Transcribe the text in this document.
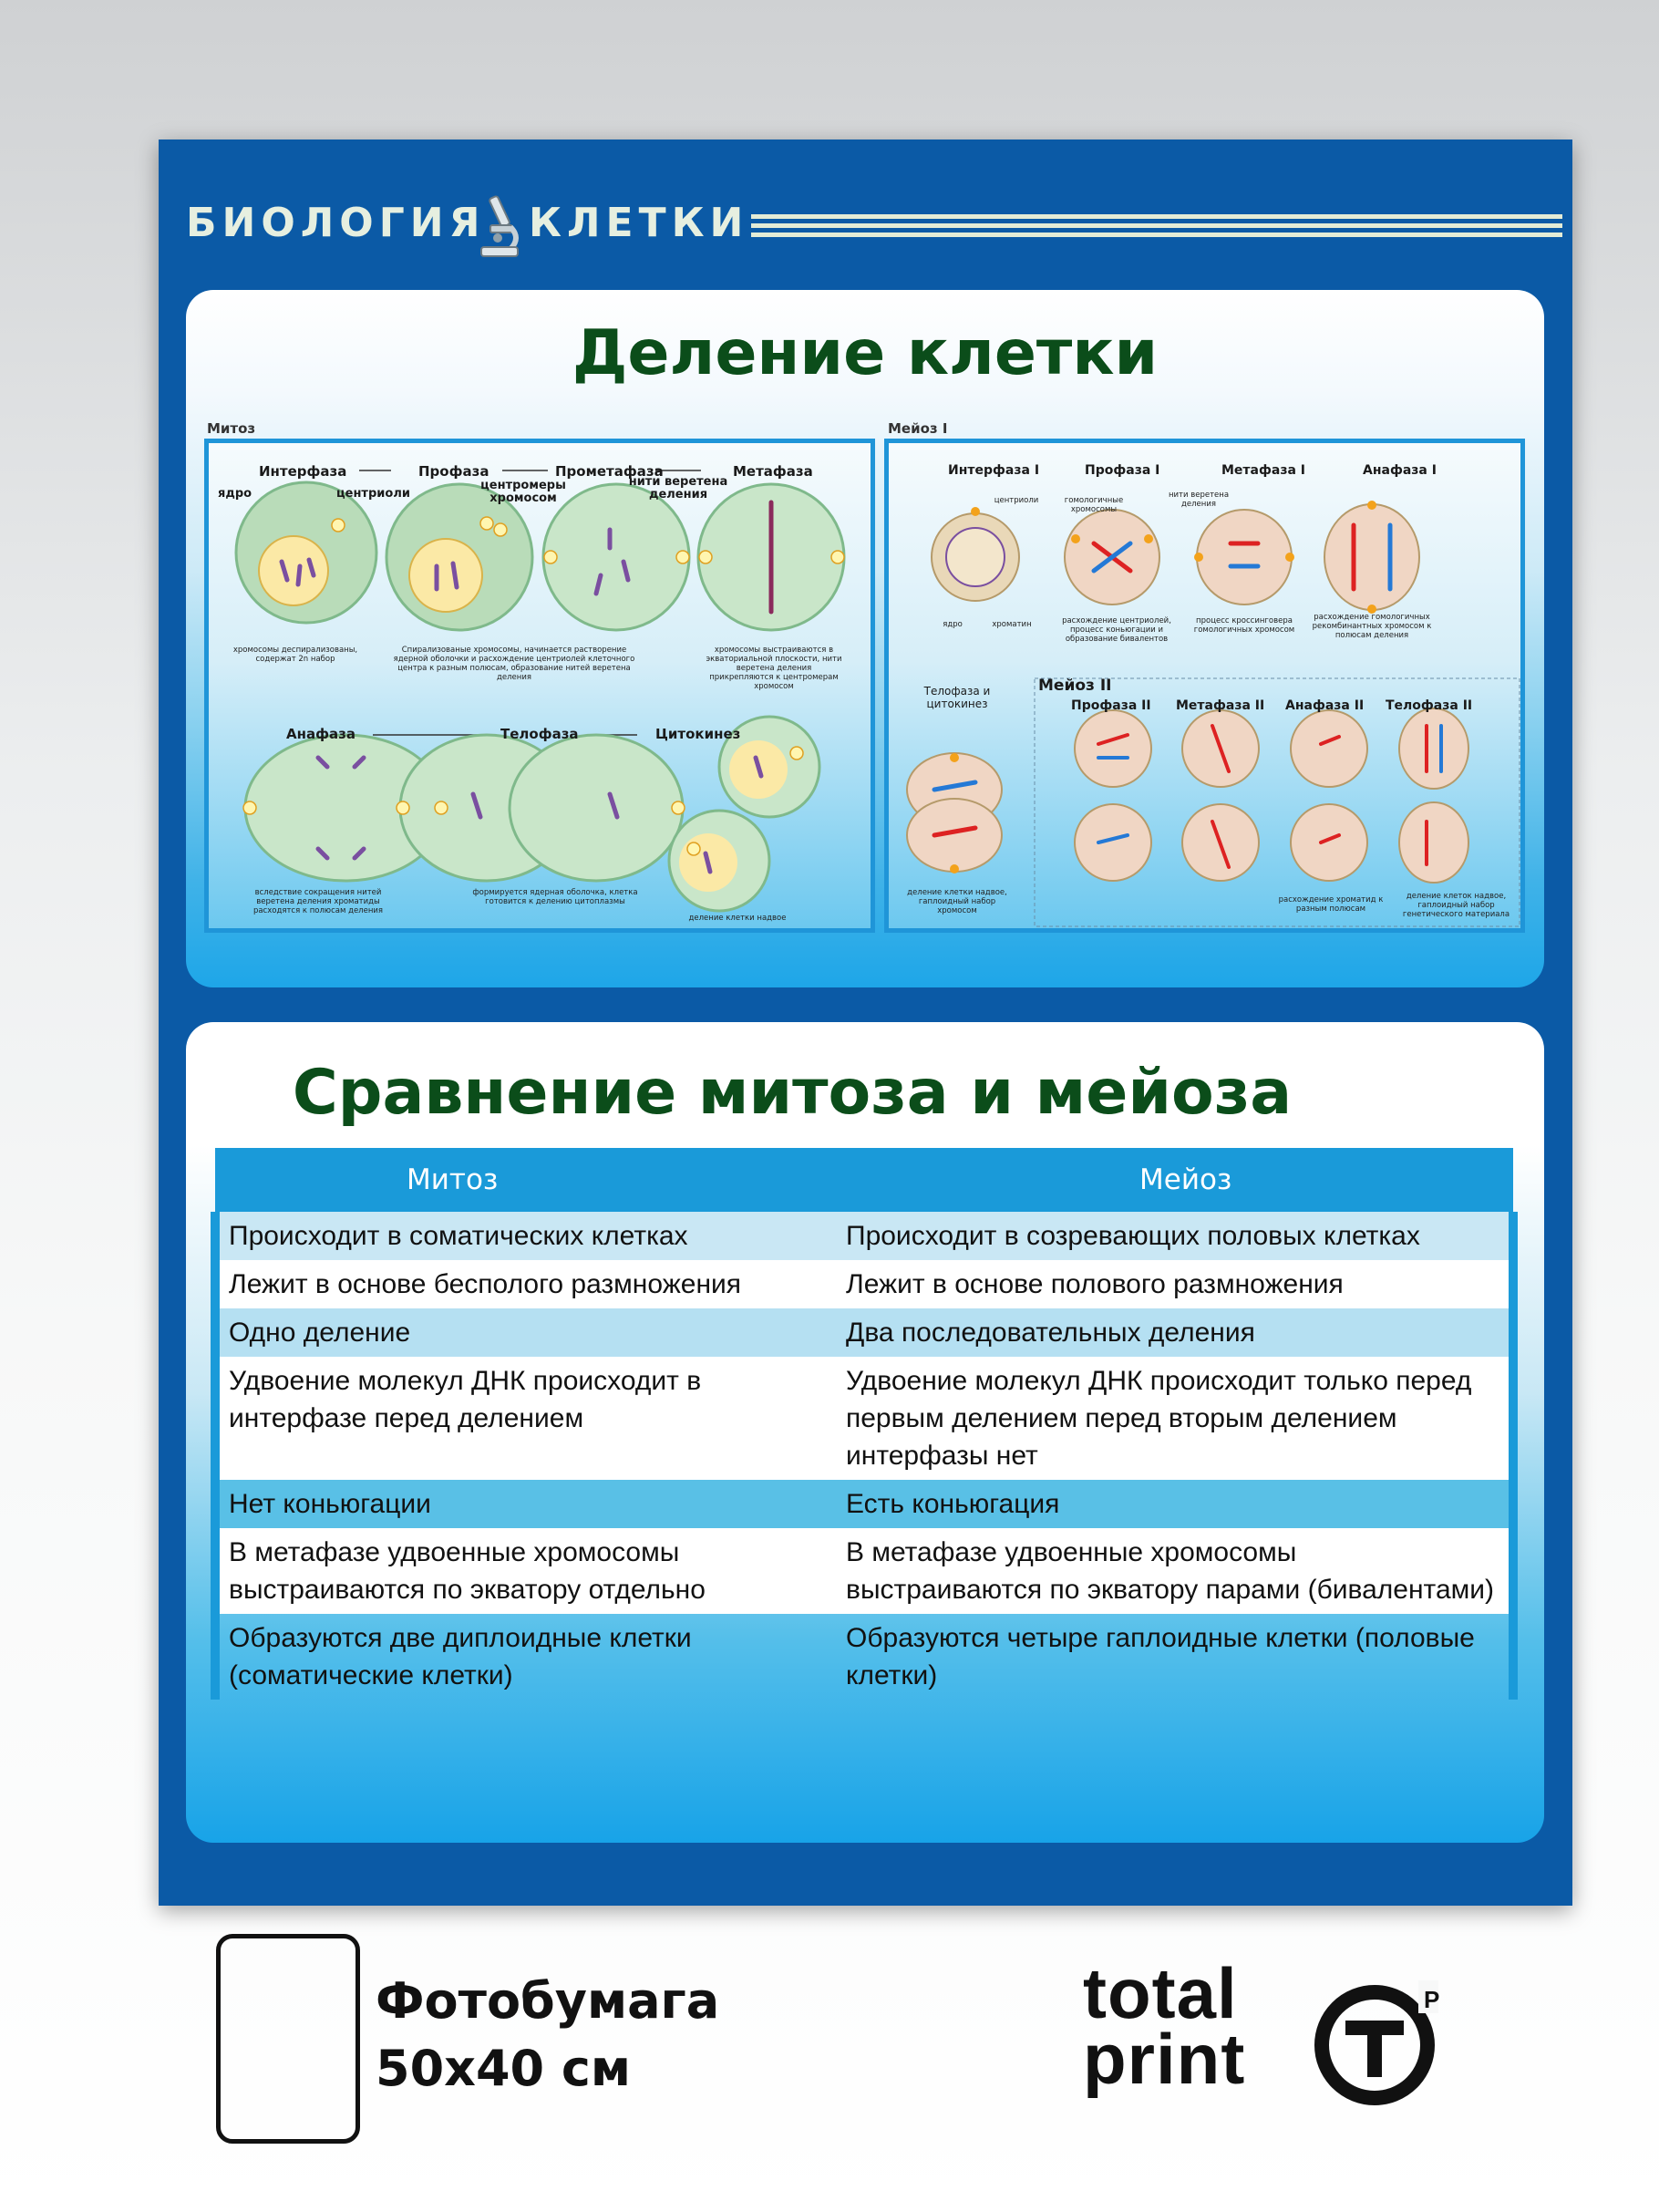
БИОЛОГИЯ КЛЕТКИ
Деление клетки
Митоз	Мейоз I
Интерфаза	Профаза	Прометафаза	Метафаза
ядро	центриоли
центромеры хромосом
нити веретена деления
хромосомы деспирализованы, содержат 2n набор
Спирализованые хромосомы, начинается растворение ядерной оболочки и расхождение центриолей клеточного центра к разным полюсам, образование нитей веретена деления
хромосомы выстраиваются в экваториальной плоскости, нити веретена деления прикрепляются к центромерам хромосом
Анафаза	Телофаза	Цитокинез
вследствие сокращения нитей веретена деления хроматиды расходятся к полюсам деления
формируется ядерная оболочка, клетка готовится к делению цитоплазмы
деление клетки надвое
Интерфаза I	Профаза I	Метафаза I	Анафаза I
центриоли	гомологичные хромосомы
нити веретена деления
ядро	хроматин	расхождение центриолей, процесс коньюгации и образование бивалентов
процесс кроссинговера гомологичных хромосом
расхождение гомологичных рекомбинантных хромосом к полюсам деления
Телофаза и цитокинез
деление клетки надвое, гаплоидный набор хромосом
Мейоз II
Профаза II Метафаза II Анафаза II Телофаза II
расхождение хроматид к разным полюсам
деление клеток надвое, гаплоидный набор генетического материала
Сравнение митоза и мейоза
Митоз	Мейоз
Происходит в соматических клетках	Происходит в созревающих половых клетках
Лежит в основе бесполого размножения	Лежит в основе полового размножения
Одно деление	Два последовательных деления
Удвоение молекул ДНК происходит в интерфазе перед делением	Удвоение молекул ДНК происходит только перед первым делением перед вторым делением интерфазы нет
Нет коньюгации	Есть коньюгация
В метафазе удвоенные хромосомы выстраиваются по экватору отдельно	В метафазе удвоенные хромосомы выстраиваются по экватору парами (бивалентами)
Образуются две диплоидные клетки (соматические клетки)	Образуются четыре гаплоидные клетки (половые клетки)
Фотобумага
50x40 см
total
print
P
